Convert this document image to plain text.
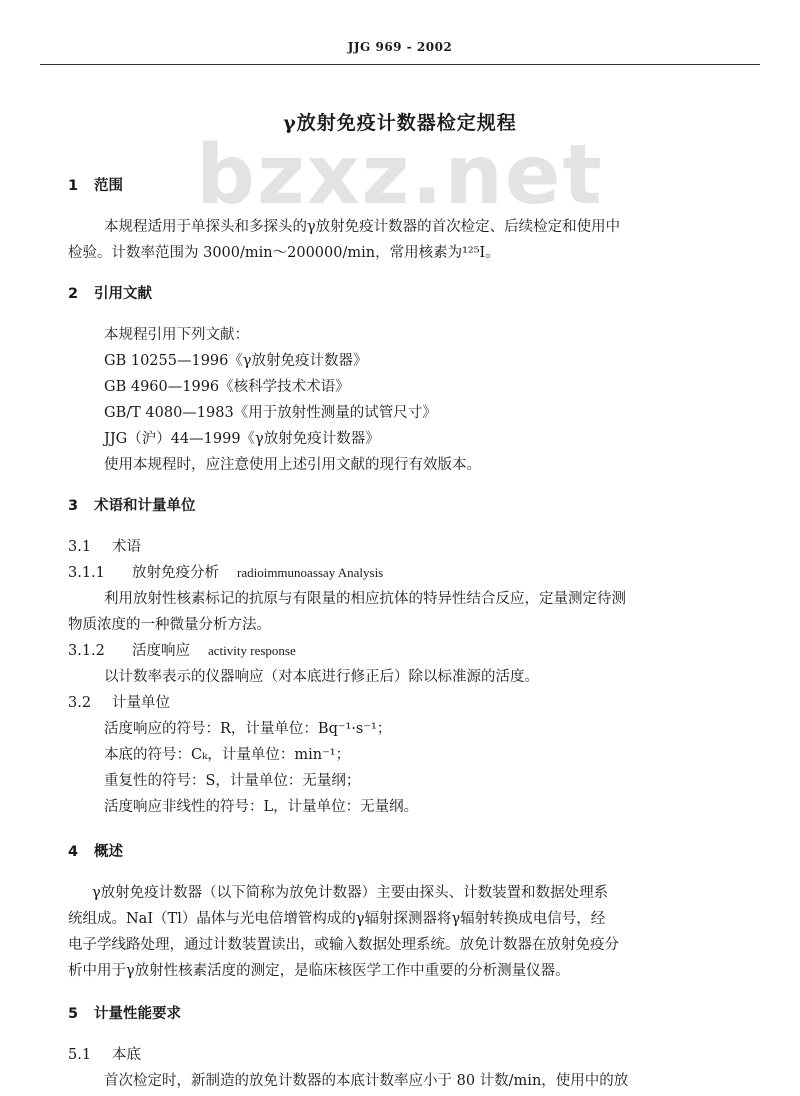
JJG 969 - 2002
bzxz.net
γ放射免疫计数器检定规程
1 范围
本规程适用于单探头和多探头的γ放射免疫计数器的首次检定、后续检定和使用中
检验。计数率范围为 3000/min～200000/min，常用核素为¹²⁵I。
2 引用文献
本规程引用下列文献：
GB 10255—1996《γ放射免疫计数器》
GB 4960—1996《核科学技术术语》
GB/T 4080—1983《用于放射性测量的试管尺寸》
JJG（沪）44—1999《γ放射免疫计数器》
使用本规程时，应注意使用上述引用文献的现行有效版本。
3 术语和计量单位
3.1 术语
3.1.1 放射免疫分析 radioimmunoassay Analysis
利用放射性核素标记的抗原与有限量的相应抗体的特异性结合反应，定量测定待测
物质浓度的一种微量分析方法。
3.1.2 活度响应 activity response
以计数率表示的仪器响应（对本底进行修正后）除以标准源的活度。
3.2 计量单位
活度响应的符号：R，计量单位：Bq⁻¹·s⁻¹；
本底的符号：Cₖ，计量单位：min⁻¹；
重复性的符号：S，计量单位：无量纲；
活度响应非线性的符号：L，计量单位：无量纲。
4 概述
γ放射免疫计数器（以下简称为放免计数器）主要由探头、计数装置和数据处理系
统组成。NaI（Tl）晶体与光电倍增管构成的γ辐射探测器将γ辐射转换成电信号，经
电子学线路处理，通过计数装置读出，或输入数据处理系统。放免计数器在放射免疫分
析中用于γ放射性核素活度的测定，是临床核医学工作中重要的分析测量仪器。
5 计量性能要求
5.1 本底
首次检定时，新制造的放免计数器的本底计数率应小于 80 计数/min，使用中的放
